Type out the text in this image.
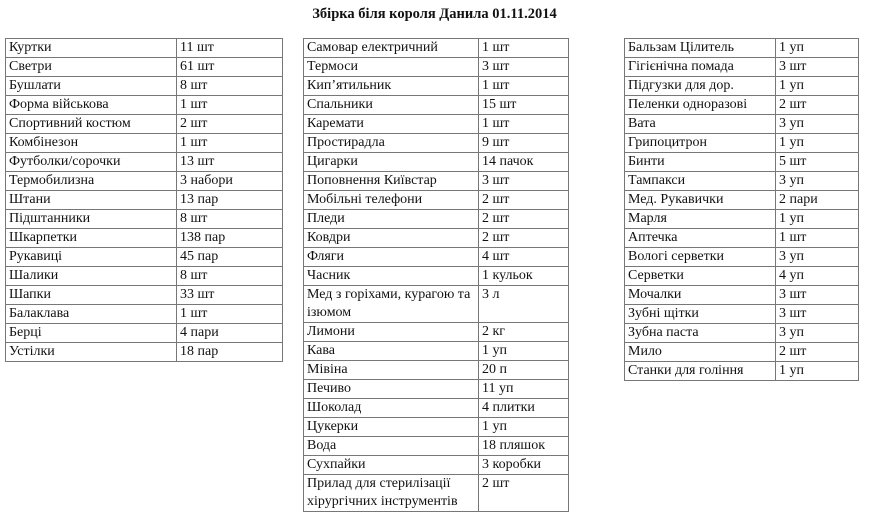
Збірка біля короля Данила 01.11.2014
Куртки	11 шт
Светри	61 шт
Бушлати	8 шт
Форма військова	1 шт
Спортивний костюм	2 шт
Комбінезон	1 шт
Футболки/сорочки	13 шт
Термобилизна	3 набори
Штани	13 пар
Підштанники	8 шт
Шкарпетки	138 пар
Рукавиці	45 пар
Шалики	8 шт
Шапки	33 шт
Балаклава	1 шт
Берці	4 пари
Устілки	18 пар
Самовар електричний	1 шт
Термоси	3 шт
Кип’ятильник	1 шт
Спальники	15 шт
Каремати	1 шт
Простирадла	9 шт
Цигарки	14 пачок
Поповнення Київстар	3 шт
Мобільні телефони	2 шт
Пледи	2 шт
Ковдри	2 шт
Фляги	4 шт
Часник	1 кульок
Мед з горіхами, курагою та ізюмом	3 л
Лимони	2 кг
Кава	1 уп
Мівіна	20 п
Печиво	11 уп
Шоколад	4 плитки
Цукерки	1 уп
Вода	18 пляшок
Сухпайки	3 коробки
Прилад для стерилізації хірургічних інструментів	2 шт
Бальзам Цілитель	1 уп
Гігієнічна помада	3 шт
Підгузки для дор.	1 уп
Пеленки одноразові	2 шт
Вата	3 уп
Грипоцитрон	1 уп
Бинти	5 шт
Тампакси	3 уп
Мед. Рукавички	2 пари
Марля	1 уп
Аптечка	1 шт
Вологі серветки	3 уп
Серветки	4 уп
Мочалки	3 шт
Зубні щітки	3 шт
Зубна паста	3 уп
Мило	2 шт
Станки для гоління	1 уп
